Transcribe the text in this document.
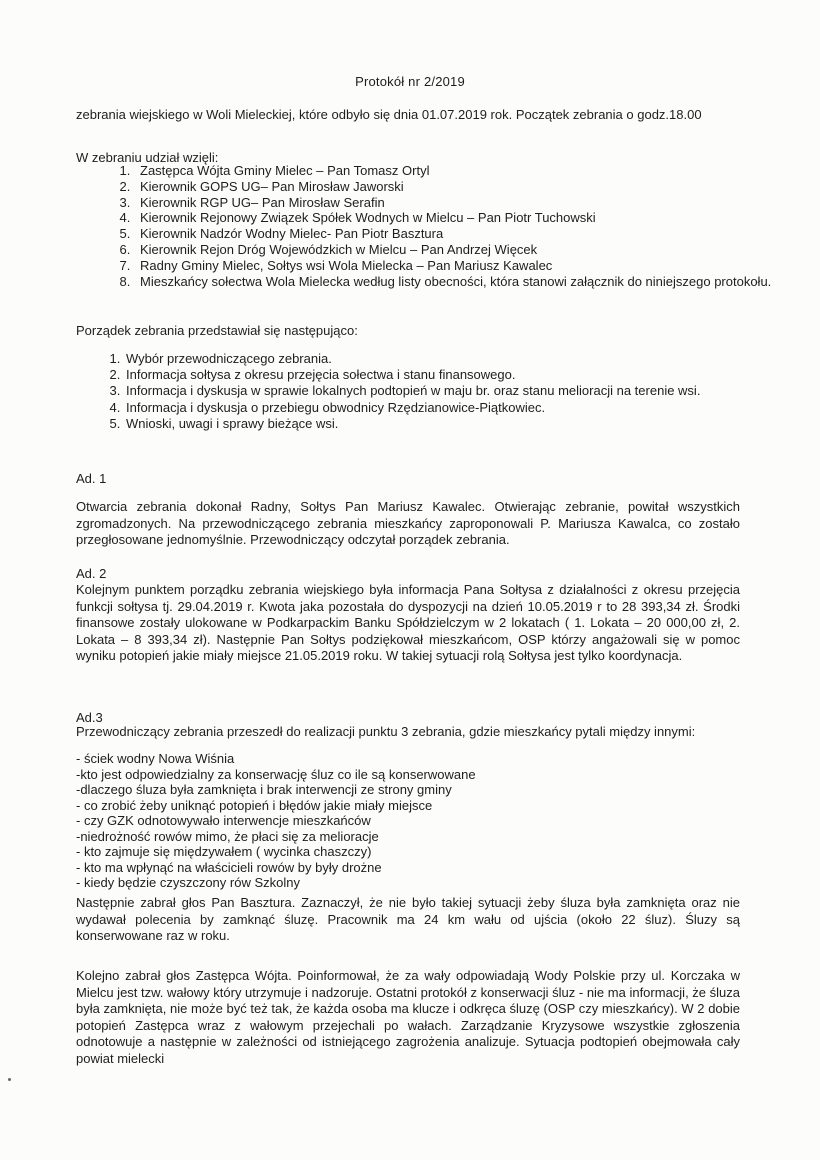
Protokół nr 2/2019
zebrania wiejskiego w Woli Mieleckiej, które odbyło się dnia 01.07.2019 rok. Początek zebrania o godz.18.00
W zebraniu udział wzięli:
1. Zastępca Wójta Gminy Mielec – Pan Tomasz Ortyl
2. Kierownik GOPS UG– Pan Mirosław Jaworski
3. Kierownik RGP UG– Pan Mirosław Serafin
4. Kierownik Rejonowy Związek Spółek Wodnych w Mielcu – Pan Piotr Tuchowski
5. Kierownik Nadzór Wodny Mielec- Pan Piotr Basztura
6. Kierownik Rejon Dróg Wojewódzkich w Mielcu – Pan Andrzej Więcek
7. Radny Gminy Mielec, Sołtys wsi Wola Mielecka – Pan Mariusz Kawalec
8. Mieszkańcy sołectwa Wola Mielecka według listy obecności, która stanowi załącznik do niniejszego protokołu.
Porządek zebrania przedstawiał się następująco:
1. Wybór przewodniczącego zebrania.
2. Informacja sołtysa z okresu przejęcia sołectwa i stanu finansowego.
3. Informacja i dyskusja w sprawie lokalnych podtopień w maju br. oraz stanu melioracji na terenie wsi.
4. Informacja i dyskusja o przebiegu obwodnicy Rzędzianowice-Piątkowiec.
5. Wnioski, uwagi i sprawy bieżące wsi.
Ad. 1
Otwarcia zebrania dokonał Radny, Sołtys Pan Mariusz Kawalec. Otwierając zebranie, powitał wszystkich zgromadzonych. Na przewodniczącego zebrania mieszkańcy zaproponowali P. Mariusza Kawalca, co zostało przegłosowane jednomyślnie. Przewodniczący odczytał porządek zebrania.
Ad. 2
Kolejnym punktem porządku zebrania wiejskiego była informacja Pana Sołtysa z działalności z okresu przejęcia funkcji sołtysa tj. 29.04.2019 r. Kwota jaka pozostała do dyspozycji na dzień 10.05.2019 r to 28 393,34 zł. Środki finansowe zostały ulokowane w Podkarpackim Banku Spółdzielczym w 2 lokatach ( 1. Lokata – 20 000,00 zł, 2. Lokata – 8 393,34 zł). Następnie Pan Sołtys podziękował mieszkańcom, OSP którzy angażowali się w pomoc wyniku potopień jakie miały miejsce 21.05.2019 roku. W takiej sytuacji rolą Sołtysa jest tylko koordynacja.
Ad.3
Przewodniczący zebrania przeszedł do realizacji punktu 3 zebrania, gdzie mieszkańcy pytali między innymi:
- ściek wodny Nowa Wiśnia
-kto jest odpowiedzialny za konserwację śluz co ile są konserwowane
-dlaczego śluza była zamknięta i brak interwencji ze strony gminy
- co zrobić żeby uniknąć potopień i błędów jakie miały miejsce
- czy GZK odnotowywało interwencje mieszkańców
-niedrożność rowów mimo, że płaci się za melioracje
- kto zajmuje się międzywałem ( wycinka chaszczy)
- kto ma wpłynąć na właścicieli rowów by były drożne
- kiedy będzie czyszczony rów Szkolny
Następnie zabrał głos Pan Basztura. Zaznaczył, że nie było takiej sytuacji żeby śluza była zamknięta oraz nie wydawał polecenia by zamknąć śluzę. Pracownik ma 24 km wału od ujścia (około 22 śluz). Śluzy są konserwowane raz w roku.
Kolejno zabrał głos Zastępca Wójta. Poinformował, że za wały odpowiadają Wody Polskie przy ul. Korczaka w Mielcu jest tzw. wałowy który utrzymuje i nadzoruje. Ostatni protokół z konserwacji śluz - nie ma informacji, że śluza była zamknięta, nie może być też tak, że każda osoba ma klucze i odkręca śluzę (OSP czy mieszkańcy). W 2 dobie potopień Zastępca wraz z wałowym przejechali po wałach. Zarządzanie Kryzysowe wszystkie zgłoszenia odnotowuje a następnie w zależności od istniejącego zagrożenia analizuje. Sytuacja podtopień obejmowała cały powiat mielecki
